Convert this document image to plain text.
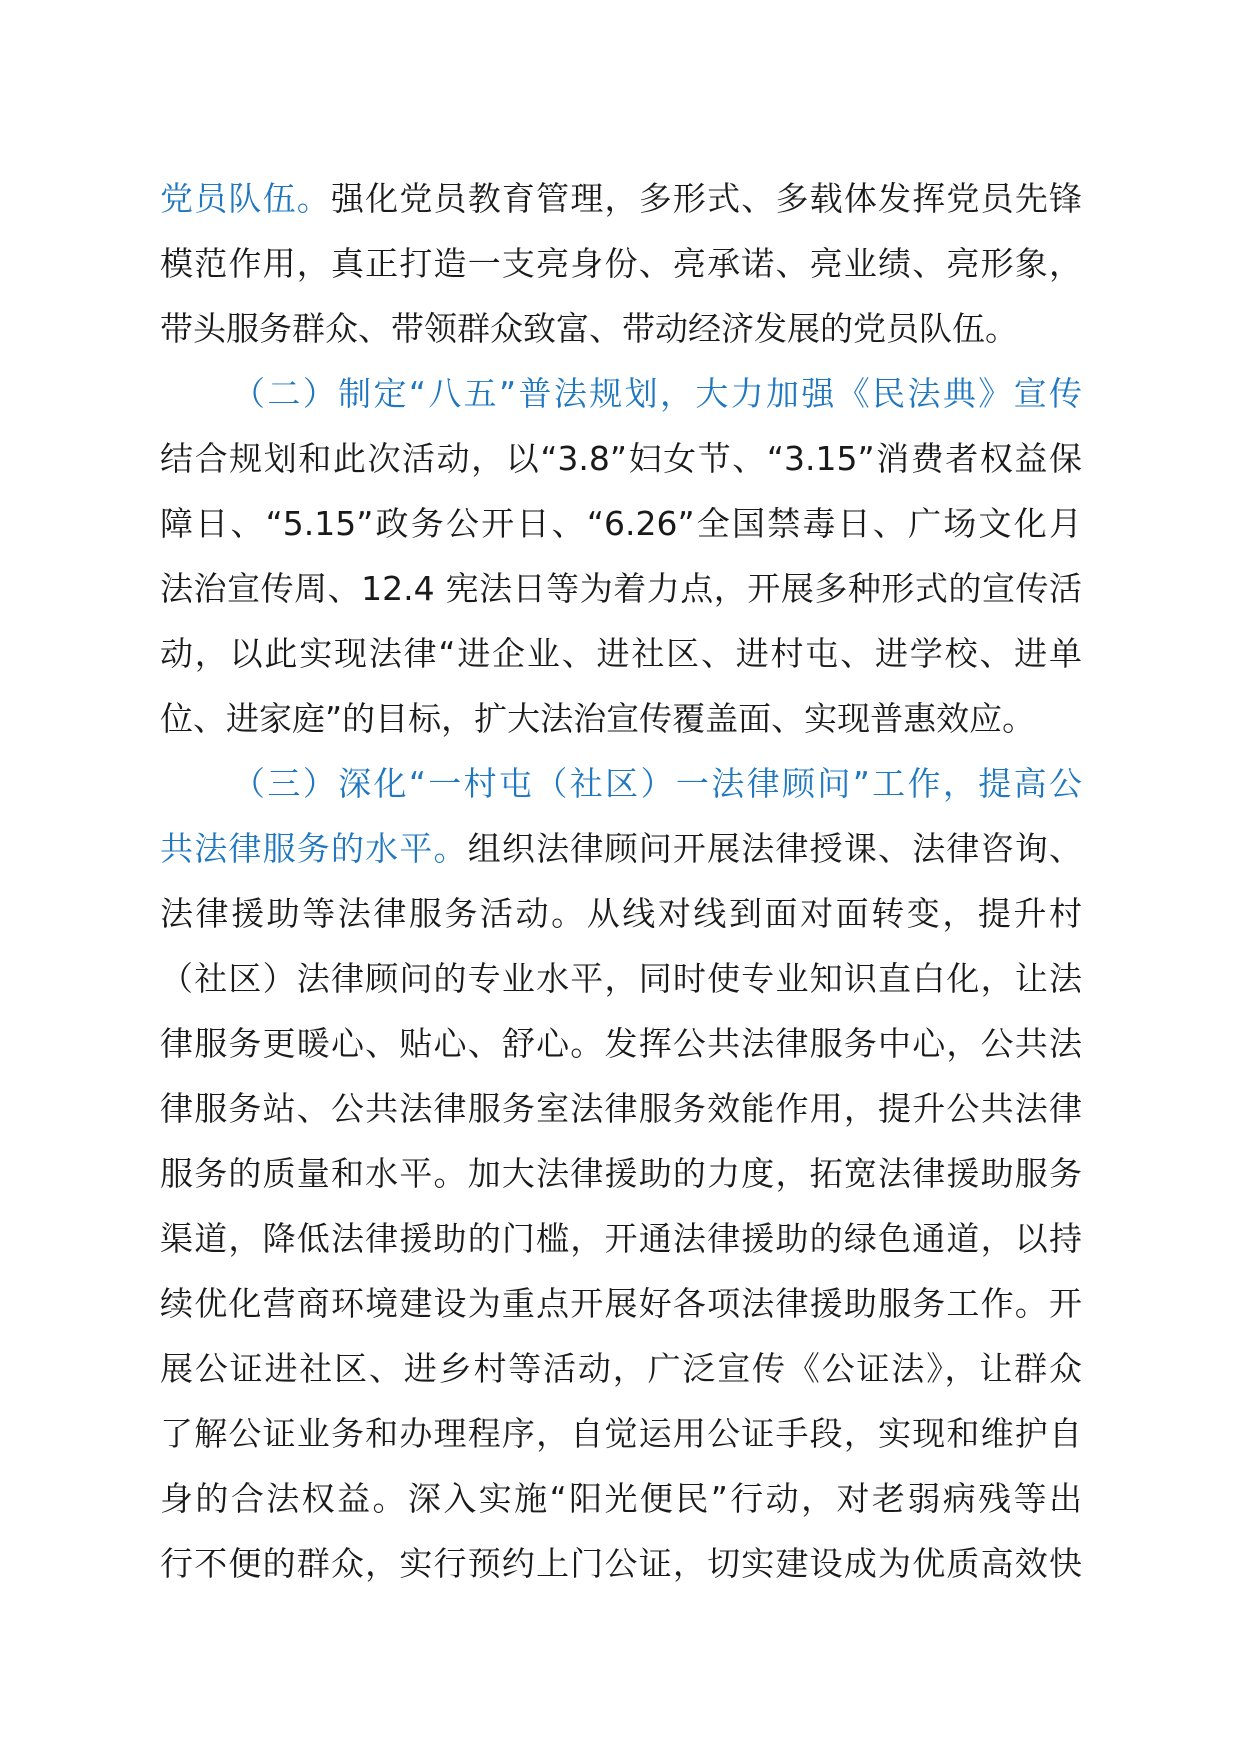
党员队伍。强化党员教育管理，多形式、多载体发挥党员先锋
模范作用，真正打造一支亮身份、亮承诺、亮业绩、亮形象，
带头服务群众、带领群众致富、带动经济发展的党员队伍。
（二）制定“八五”普法规划，大力加强《民法典》宣传
结合规划和此次活动，以“3.8”妇女节、“3.15”消费者权益保
障日、“5.15”政务公开日、“6.26”全国禁毒日、广场文化月
法治宣传周、12.4 宪法日等为着力点，开展多种形式的宣传活
动，以此实现法律“进企业、进社区、进村屯、进学校、进单
位、进家庭”的目标，扩大法治宣传覆盖面、实现普惠效应。
（三）深化“一村屯（社区）一法律顾问”工作，提高公
共法律服务的水平。组织法律顾问开展法律授课、法律咨询、
法律援助等法律服务活动。从线对线到面对面转变，提升村
（社区）法律顾问的专业水平，同时使专业知识直白化，让法
律服务更暖心、贴心、舒心。发挥公共法律服务中心，公共法
律服务站、公共法律服务室法律服务效能作用，提升公共法律
服务的质量和水平。加大法律援助的力度，拓宽法律援助服务
渠道，降低法律援助的门槛，开通法律援助的绿色通道，以持
续优化营商环境建设为重点开展好各项法律援助服务工作。开
展公证进社区、进乡村等活动，广泛宣传《公证法》，让群众
了解公证业务和办理程序，自觉运用公证手段，实现和维护自
身的合法权益。深入实施“阳光便民”行动，对老弱病残等出
行不便的群众，实行预约上门公证，切实建设成为优质高效快
